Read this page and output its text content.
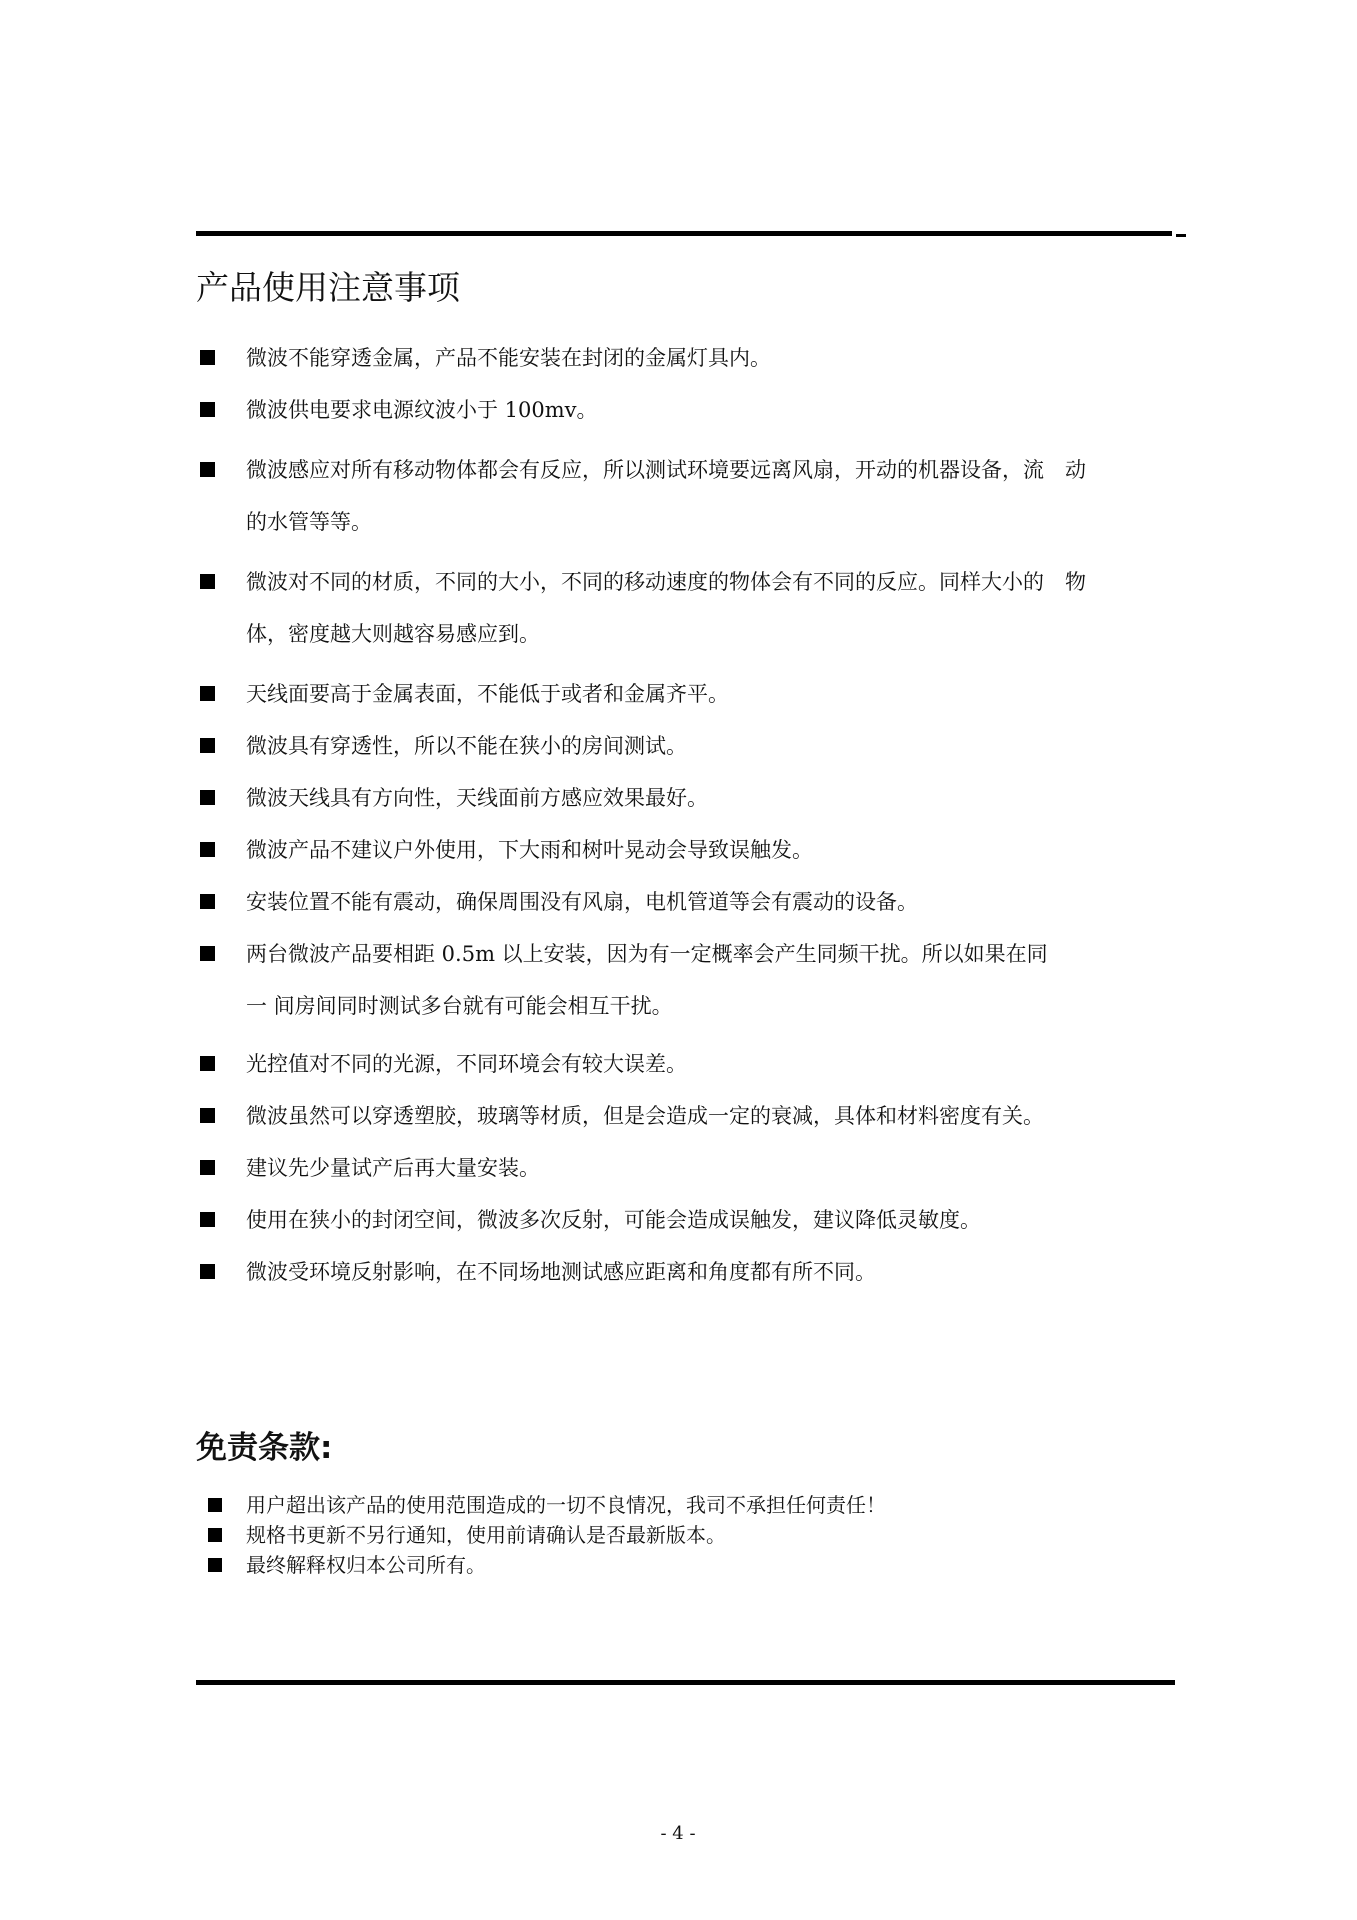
产品使用注意事项
微波不能穿透金属，产品不能安装在封闭的金属灯具内。
微波供电要求电源纹波小于 100mv。
微波感应对所有移动物体都会有反应，所以测试环境要远离风扇，开动的机器设备，流　动
的水管等等。
微波对不同的材质，不同的大小，不同的移动速度的物体会有不同的反应。同样大小的　物
体，密度越大则越容易感应到。
天线面要高于金属表面，不能低于或者和金属齐平。
微波具有穿透性，所以不能在狭小的房间测试。
微波天线具有方向性，天线面前方感应效果最好。
微波产品不建议户外使用，下大雨和树叶晃动会导致误触发。
安装位置不能有震动，确保周围没有风扇，电机管道等会有震动的设备。
两台微波产品要相距 0.5m 以上安装，因为有一定概率会产生同频干扰。所以如果在同
一 间房间同时测试多台就有可能会相互干扰。
光控值对不同的光源，不同环境会有较大误差。
微波虽然可以穿透塑胶，玻璃等材质，但是会造成一定的衰减，具体和材料密度有关。
建议先少量试产后再大量安装。
使用在狭小的封闭空间，微波多次反射，可能会造成误触发，建议降低灵敏度。
微波受环境反射影响，在不同场地测试感应距离和角度都有所不同。
免责条款:
用户超出该产品的使用范围造成的一切不良情况，我司不承担任何责任！
规格书更新不另行通知，使用前请确认是否最新版本。
最终解释权归本公司所有。
- 4 -
